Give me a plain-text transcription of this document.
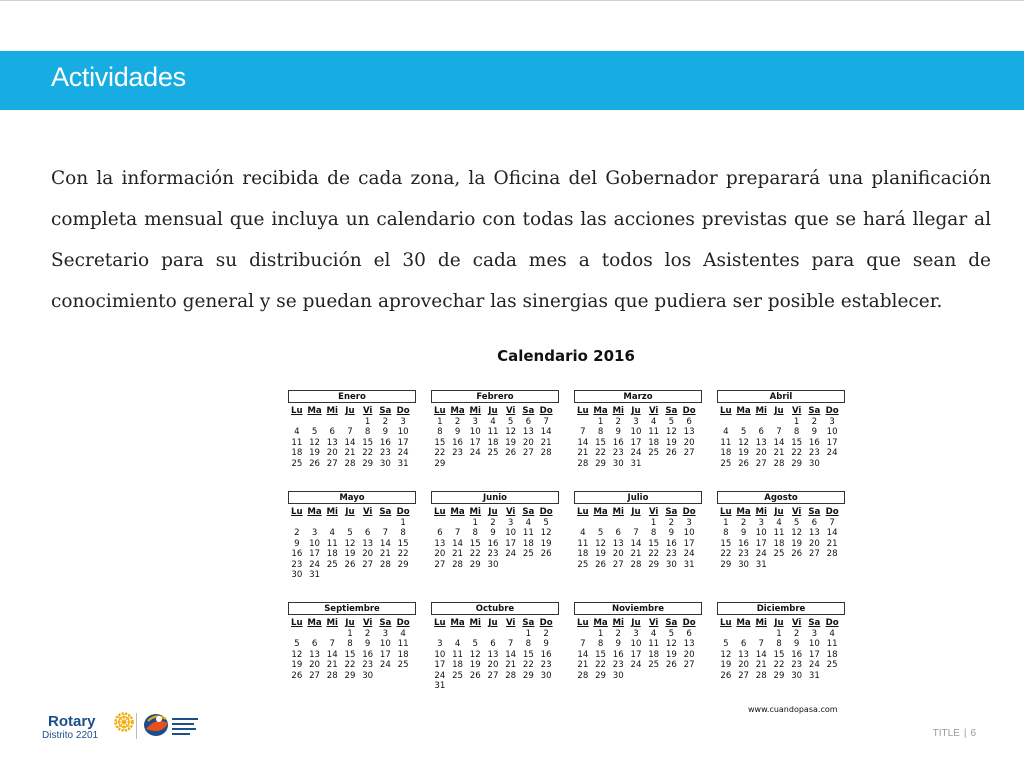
Actividades
Con la información recibida de cada zona, la Oficina del Gobernador preparará una planificación completa mensual que incluya un calendario con todas las acciones previstas que se hará llegar al Secretario para su distribución el 30 de cada mes a todos los Asistentes para que sean de conocimiento general y se puedan aprovechar las sinergias que pudiera ser posible establecer.
Calendario 2016
Enero
Lu	Ma	Mi	Ju	Vi	Sa	Do
				1	2	3
4	5	6	7	8	9	10
11	12	13	14	15	16	17
18	19	20	21	22	23	24
25	26	27	28	29	30	31
Febrero
Lu	Ma	Mi	Ju	Vi	Sa	Do
1	2	3	4	5	6	7
8	9	10	11	12	13	14
15	16	17	18	19	20	21
22	23	24	25	26	27	28
29						
Marzo
Lu	Ma	Mi	Ju	Vi	Sa	Do
	1	2	3	4	5	6
7	8	9	10	11	12	13
14	15	16	17	18	19	20
21	22	23	24	25	26	27
28	29	30	31			
Abril
Lu	Ma	Mi	Ju	Vi	Sa	Do
				1	2	3
4	5	6	7	8	9	10
11	12	13	14	15	16	17
18	19	20	21	22	23	24
25	26	27	28	29	30	
Mayo
Lu	Ma	Mi	Ju	Vi	Sa	Do
						1
2	3	4	5	6	7	8
9	10	11	12	13	14	15
16	17	18	19	20	21	22
23	24	25	26	27	28	29
30	31					
Junio
Lu	Ma	Mi	Ju	Vi	Sa	Do
		1	2	3	4	5
6	7	8	9	10	11	12
13	14	15	16	17	18	19
20	21	22	23	24	25	26
27	28	29	30			
Julio
Lu	Ma	Mi	Ju	Vi	Sa	Do
				1	2	3
4	5	6	7	8	9	10
11	12	13	14	15	16	17
18	19	20	21	22	23	24
25	26	27	28	29	30	31
Agosto
Lu	Ma	Mi	Ju	Vi	Sa	Do
1	2	3	4	5	6	7
8	9	10	11	12	13	14
15	16	17	18	19	20	21
22	23	24	25	26	27	28
29	30	31				
Septiembre
Lu	Ma	Mi	Ju	Vi	Sa	Do
			1	2	3	4
5	6	7	8	9	10	11
12	13	14	15	16	17	18
19	20	21	22	23	24	25
26	27	28	29	30		
Octubre
Lu	Ma	Mi	Ju	Vi	Sa	Do
					1	2
3	4	5	6	7	8	9
10	11	12	13	14	15	16
17	18	19	20	21	22	23
24	25	26	27	28	29	30
31						
Noviembre
Lu	Ma	Mi	Ju	Vi	Sa	Do
	1	2	3	4	5	6
7	8	9	10	11	12	13
14	15	16	17	18	19	20
21	22	23	24	25	26	27
28	29	30				
Diciembre
Lu	Ma	Mi	Ju	Vi	Sa	Do
			1	2	3	4
5	6	7	8	9	10	11
12	13	14	15	16	17	18
19	20	21	22	23	24	25
26	27	28	29	30	31	
www.cuandopasa.com
Rotary
Distrito 2201	TITLE | 6
